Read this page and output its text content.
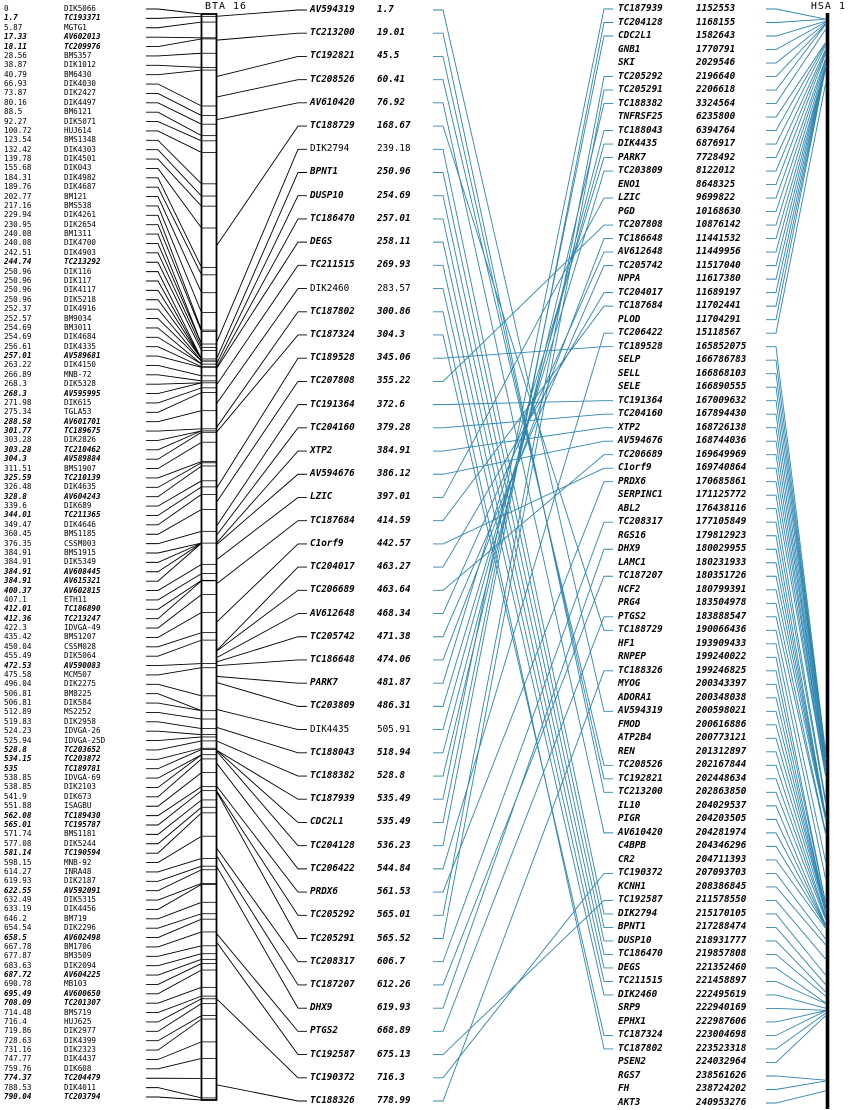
BTA 16	HSA 1
0	DIK5066
1.7	TC193371
5.87	MGTG1
17.33	AV602013
18.11	TC209976
28.56	BMS357
38.87	DIK1012
40.79	BM6430
66.93	DIK4030
73.87	DIK2427
80.16	DIK4497
88.5	BM6121
92.27	DIK5071
100.72	HUJ614
123.54	BMS1348
132.42	DIK4303
139.78	DIK4501
155.68	DIK043
184.31	DIK4982
189.76	DIK4687
202.77	BM121
217.16	BMS538
229.94	DIK4261
230.95	DIK2654
240.08	BM1311
240.08	DIK4700
242.51	DIK4903
244.74	TC213292
250.96	DIK116
250.96	DIK117
250.96	DIK4117
250.96	DIK5218
252.37	DIK4916
252.57	BM9034
254.69	BM3011
254.69	DIK4684
256.61	DIK4335
257.01	AV589681
263.22	DIK4150
266.89	MNB-72
268.3	DIK5328
268.3	AV595995
271.98	DIK615
275.34	TGLA53
288.58	AV601701
301.77	TC189675
303.28	DIK2826
303.28	TC210462
304.3	AV589884
311.51	BMS1907
325.59	TC210139
326.48	DIK4635
328.8	AV604243
339.6	DIK689
344.01	TC211365
349.47	DIK4646
360.45	BMS1185
376.35	CSSM003
384.91	BMS1915
384.91	DIK5349
384.91	AV608445
384.91	AV615321
400.37	AV602815
407.1	ETH11
412.01	TC186890
412.36	TC213247
422.3	IDVGA-49
435.42	BMS1207
450.04	CSSM028
455.49	DIK5064
472.53	AV590083
475.58	MCM507
496.04	DIK2275
506.81	BM8225
506.81	DIK584
512.89	MS2252
519.83	DIK2958
524.23	IDVGA-26
525.94	IDVGA-25D
528.8	TC203652
534.15	TC203872
535	TC189781
538.85	IDVGA-69
538.85	DIK2103
541.9	DIK673
551.88	ISAGBU
562.08	TC189430
565.01	TC195787
571.74	BMS1181
577.08	DIK5244
581.14	TC190594
598.15	MNB-92
614.27	INRA48
619.93	DIK2187
622.55	AV592091
632.49	DIK5315
633.19	DIK4456
646.2	BM719
654.54	DIK2296
658.5	AV602498
667.78	BM1706
677.87	BM3509
683.63	DIK2094
687.72	AV604225
690.78	MB103
695.49	AV600650
708.09	TC201307
714.48	BMS719
716.4	HUJ625
719.86	DIK2977
728.63	DIK4399
731.16	DIK2323
747.77	DIK4437
759.76	DIK608
774.37	TC204479
788.53	DIK4011
790.04	TC203794
AV594319 1.7
TC213200 19.01
TC192821 45.5
TC208526 60.41
AV610420 76.92
TC188729 168.67
DIK2794	239.18
BPNT1	250.96
DUSP10	254.69
TC186470 257.01
DEGS	258.11
TC211515 269.93
DIK2460	283.57
TC187802 300.86
TC187324 304.3
TC189528 345.06
TC207808 355.22
TC191364 372.6
TC204160 379.28
XTP2	384.91
AV594676 386.12
LZIC	397.01
TC187684 414.59
C1orf9	442.57
TC204017 463.27
TC206689 463.64
AV612648 468.34
TC205742 471.38
TC186648 474.06
PARK7	481.87
TC203809 486.31
DIK4435	505.91
TC188043 518.94
TC188382 528.8
TC187939 535.49
CDC2L1	535.49
TC204128 536.23
TC206422 544.84
PRDX6	561.53
TC205292 565.01
TC205291 565.52
TC208317 606.7
TC187207 612.26
DHX9	619.93
PTGS2	668.89
TC192587 675.13
TC190372 716.3
TC188326 778.99
TC187939	1152553
TC204128	1168155
CDC2L1	1582643
GNB1	1770791
SKI	2029546
TC205292	2196640
TC205291	2206618
TC188382	3324564
TNFRSF25	6235800
TC188043	6394764
DIK4435	6876917
PARK7	7728492
TC203809	8122012
ENO1	8648325
LZIC	9699822
PGD	10168630
TC207808	10876142
TC186648	11441532
AV612648	11449956
TC205742	11517040
NPPA	11617380
TC204017	11689197
TC187684	11702441
PLOD	11704291
TC206422	15118567
TC189528	165852075
SELP	166786783
SELL	166868103
SELE	166890555
TC191364	167009632
TC204160	167894430
XTP2	168726138
AV594676	168744036
TC206689	169649969
C1orf9	169740864
PRDX6	170685861
SERPINC1	171125772
ABL2	176438116
TC208317	177105849
RGS16	179812923
DHX9	180029955
LAMC1	180231933
TC187207	180351726
NCF2	180799391
PRG4	183504978
PTGS2	183888547
TC188729	190066436
HF1	193909433
RNPEP	199240022
TC188326	199246825
MYOG	200343397
ADORA1	200348038
AV594319	200598021
FMOD	200616886
ATP2B4	200773121
REN	201312897
TC208526	202167844
TC192821	202448634
TC213200	202863850
IL10	204029537
PIGR	204203505
AV610420	204281974
C4BPB	204346296
CR2	204711393
TC190372	207093703
KCNH1	208386845
TC192587	211578550
DIK2794	215170105
BPNT1	217288474
DUSP10	218931777
TC186470	219857808
DEGS	221352460
TC211515	221458897
DIK2460	222495619
SRP9	222940169
EPHX1	222987606
TC187324	223004698
TC187802	223523318
PSEN2	224032964
RGS7	238561626
FH	238724202
AKT3	240953276
